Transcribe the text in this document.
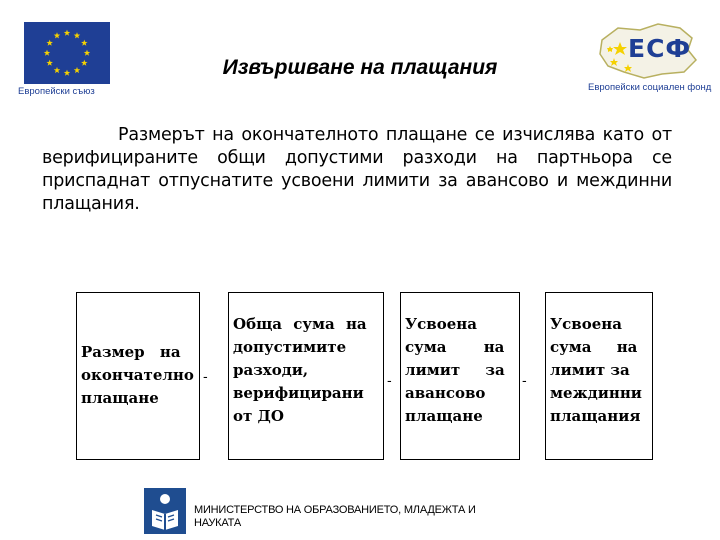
Европейски съюз
ЕСФ
Европейски социален фонд
Извършване на плащания
Размерът на окончателното плащане се изчислява като от верифицираните общи допустими разходи на партньора се приспаднат отпуснатите усвоени лимити за авансово и междинни плащания.
Размер на
окончателно
плащане
-
Обща сума на
допустимите
разходи,
верифицирани
от ДО
-
Усвоена
сума на
лимит за
авансово
плащане
-
Усвоена
сума на
лимит за
междинни
плащания
МИНИСТЕРСТВО НА ОБРАЗОВАНИЕТО, МЛАДЕЖТА И
НАУКАТА
